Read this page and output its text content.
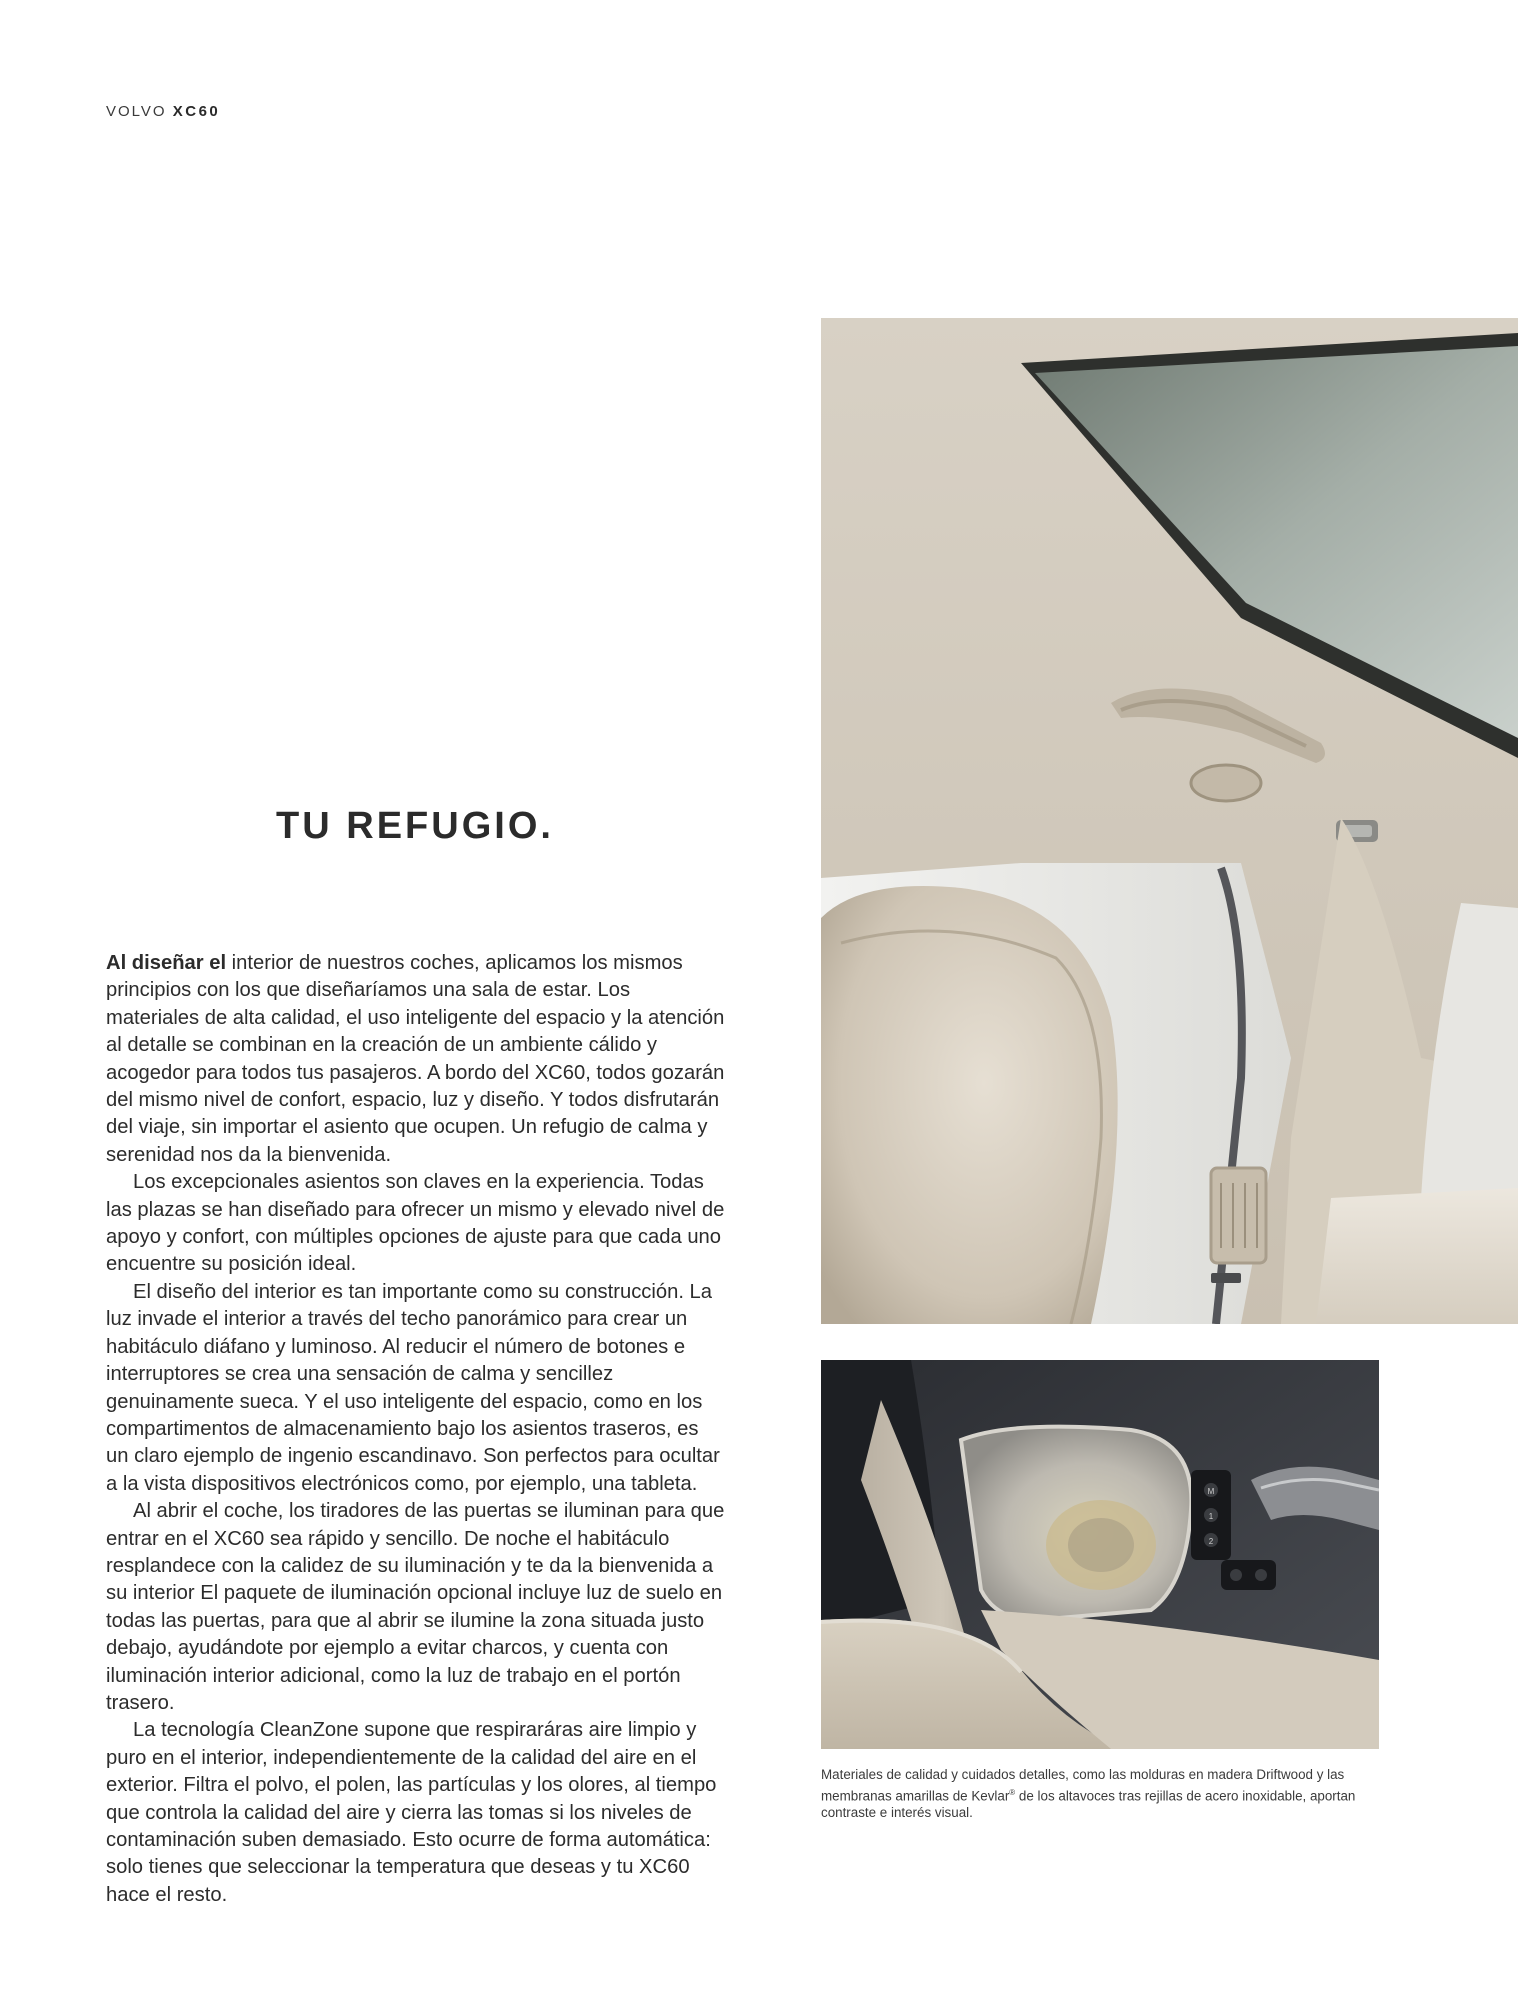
VOLVO XC60
TU REFUGIO.

Al diseñar el interior de nuestros coches, aplicamos los mismos principios con los que diseñaríamos una sala de estar. Los materiales de alta calidad, el uso inteligente del espacio y la atención al detalle se combinan en la creación de un ambiente cálido y acogedor para todos tus pasajeros. A bordo del XC60, todos gozarán del mismo nivel de confort, espacio, luz y diseño. Y todos disfrutarán del viaje, sin importar el asiento que ocupen. Un refugio de calma y serenidad nos da la bienvenida.

Los excepcionales asientos son claves en la experiencia. Todas las plazas se han diseñado para ofrecer un mismo y elevado nivel de apoyo y confort, con múltiples opciones de ajuste para que cada uno encuentre su posición ideal.

El diseño del interior es tan importante como su construcción. La luz invade el interior a través del techo panorámico para crear un habitáculo diáfano y luminoso. Al reducir el número de botones e interruptores se crea una sensación de calma y sencillez genuinamente sueca. Y el uso inteligente del espacio, como en los compartimentos de almacenamiento bajo los asientos traseros, es un claro ejemplo de ingenio escandinavo. Son perfectos para ocultar a la vista dispositivos electrónicos como, por ejemplo, una tableta.

Al abrir el coche, los tiradores de las puertas se iluminan para que entrar en el XC60 sea rápido y sencillo. De noche el habitáculo resplandece con la calidez de su iluminación y te da la bienvenida a su interior El paquete de iluminación opcional incluye luz de suelo en todas las puertas, para que al abrir se ilumine la zona situada justo debajo, ayudándote por ejemplo a evitar charcos, y cuenta con iluminación interior adicional, como la luz de trabajo en el portón trasero.

La tecnología CleanZone supone que respiraráras aire limpio y puro en el interior, independientemente de la calidad del aire en el exterior. Filtra el polvo, el polen, las partículas y los olores, al tiempo que controla la calidad del aire y cierra las tomas si los niveles de contaminación suben demasiado. Esto ocurre de forma automática: solo tienes que seleccionar la temperatura que deseas y tu XC60 hace el resto.

M
1
2
Materiales de calidad y cuidados detalles, como las molduras en madera Driftwood y las membranas amarillas de Kevlar® de los altavoces tras rejillas de acero inoxidable, aportan contraste e interés visual.
